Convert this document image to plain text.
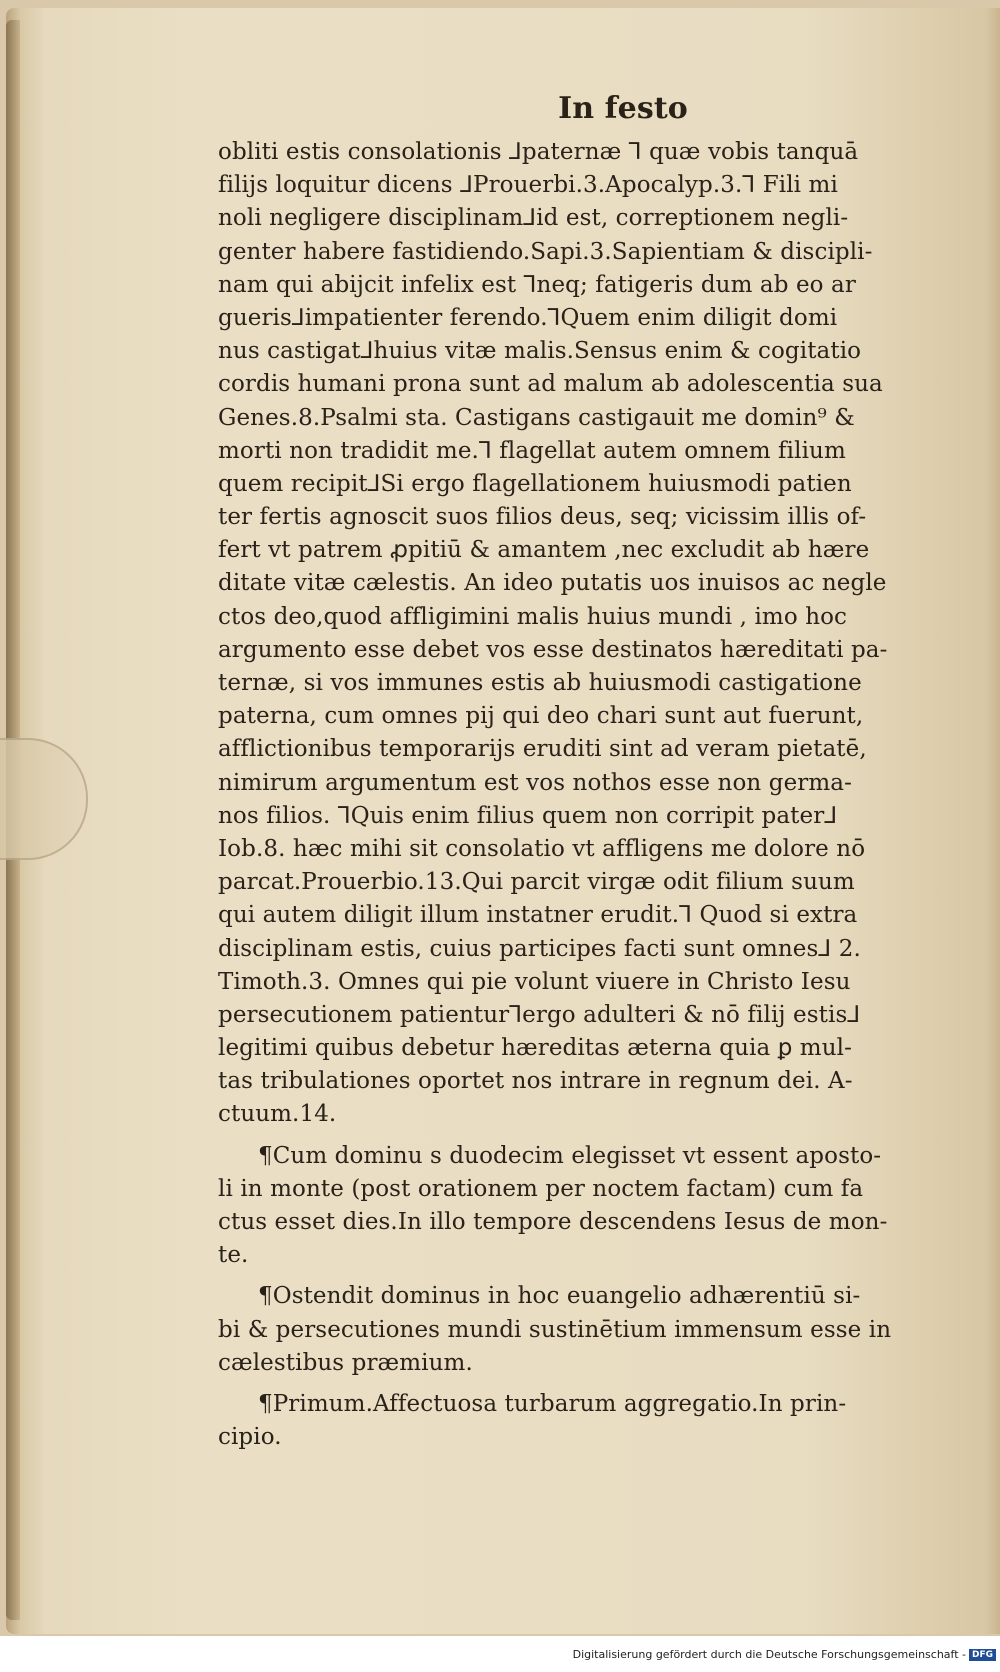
In festo
obliti estis consolationis ⅃paternæ ⅂ quæ vobis tanquā
filijs loquitur dicens ⅃Prouerbi.3.Apocalyp.3.⅂ Fili mi
noli negligere disciplinam⅃id est, correptionem negli-
genter habere fastidiendo.Sapi.3.Sapientiam & discipli-
nam qui abijcit infelix est ⅂neq; fatigeris dum ab eo ar
gueris⅃impatienter ferendo.⅂Quem enim diligit domi
nus castigat⅃huius vitæ malis.Sensus enim & cogitatio
cordis humani prona sunt ad malum ab adolescentia sua
Genes.8.Psalmi sta. Castigans castigauit me domin⁹ &
morti non tradidit me.⅂ flagellat autem omnem filium
quem recipit⅃Si ergo flagellationem huiusmodi patien
ter fertis agnoscit suos filios deus, seq; vicissim illis of-
fert vt patrem ꝓpitiū & amantem ,nec excludit ab hære
ditate vitæ cælestis. An ideo putatis uos inuisos ac negle
ctos deo,quod affligimini malis huius mundi , imo hoc
argumento esse debet vos esse destinatos hæreditati pa-
ternæ, si vos immunes estis ab huiusmodi castigatione
paterna, cum omnes pij qui deo chari sunt aut fuerunt,
afflictionibus temporarijs eruditi sint ad veram pietatē,
nimirum argumentum est vos nothos esse non germa-
nos filios. ⅂Quis enim filius quem non corripit pater⅃
Iob.8. hæc mihi sit consolatio vt affligens me dolore nō
parcat.Prouerbio.13.Qui parcit virgæ odit filium suum
qui autem diligit illum instatner erudit.⅂ Quod si extra
disciplinam estis, cuius participes facti sunt omnes⅃ 2.
Timoth.3. Omnes qui pie volunt viuere in Christo Iesu
persecutionem patientur⅂ergo adulteri & nō filij estis⅃
legitimi quibus debetur hæreditas æterna quia ꝑ mul-
tas tribulationes oportet nos intrare in regnum dei. A-
ctuum.14.
¶Cum dominu s duodecim elegisset vt essent aposto-
li in monte (post orationem per noctem factam) cum fa
ctus esset dies.In illo tempore descendens Iesus de mon-
te.
¶Ostendit dominus in hoc euangelio adhærentiū si-
bi & persecutiones mundi sustinētium immensum esse in
cælestibus præmium.
¶Primum.Affectuosa turbarum aggregatio.In prin-
cipio.
Digitalisierung gefördert durch die Deutsche Forschungsgemeinschaft - DFG
